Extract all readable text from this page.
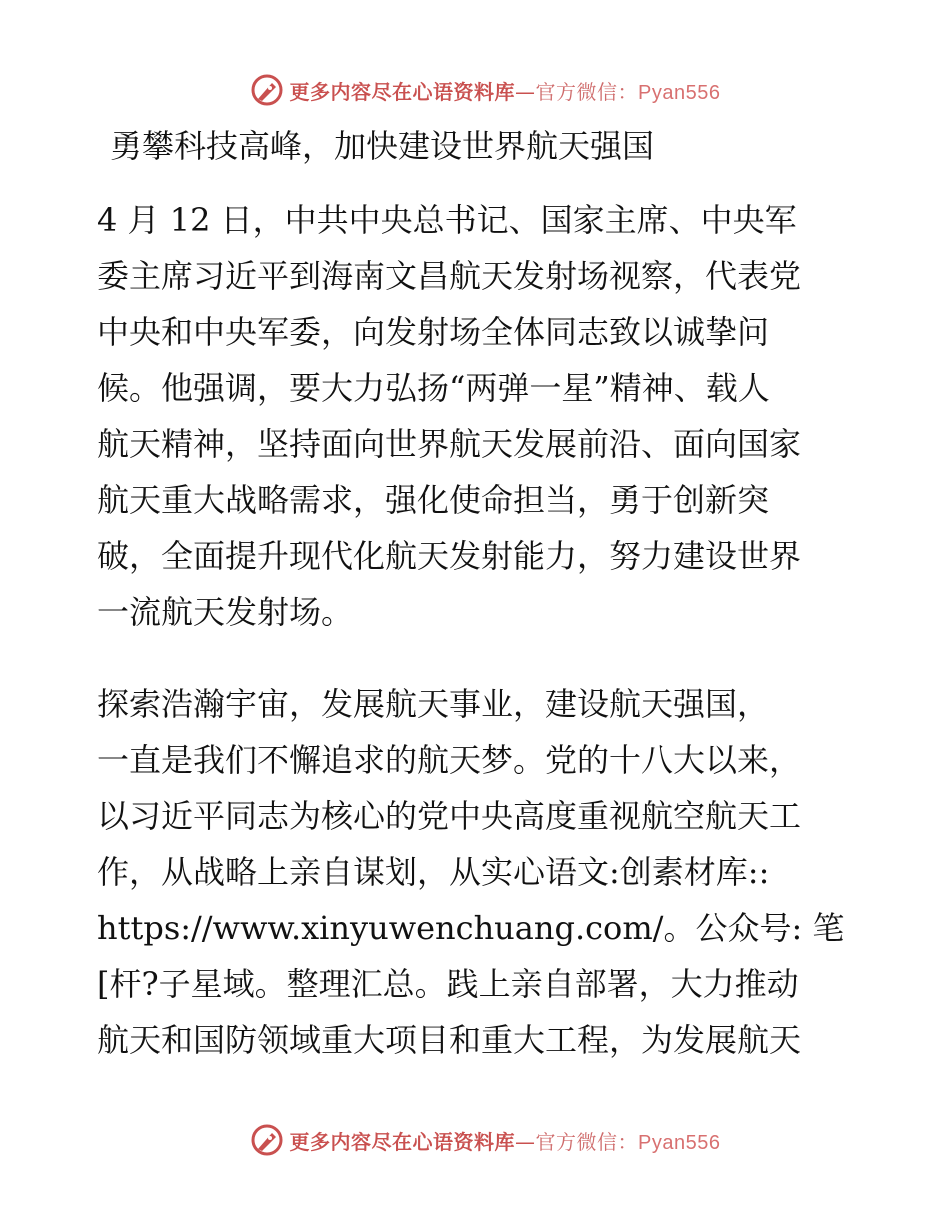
更多内容尽在心语资料库—官方微信：Pyan556
勇攀科技高峰，加快建设世界航天强国
4 月 12 日，中共中央总书记、国家主席、中央军
委主席习近平到海南文昌航天发射场视察，代表党
中央和中央军委，向发射场全体同志致以诚挚问
候。他强调，要大力弘扬“两弹一星”精神、载人
航天精神，坚持面向世界航天发展前沿、面向国家
航天重大战略需求，强化使命担当，勇于创新突
破，全面提升现代化航天发射能力，努力建设世界
一流航天发射场。
探索浩瀚宇宙，发展航天事业，建设航天强国，
一直是我们不懈追求的航天梦。党的十八大以来，
以习近平同志为核心的党中央高度重视航空航天工
作，从战略上亲自谋划，从实心语文:创素材库::
https://www.xinyuwenchuang.com/。公众号: 笔
[杆?子星域。整理汇总。践上亲自部署，大力推动
航天和国防领域重大项目和重大工程，为发展航天
更多内容尽在心语资料库—官方微信：Pyan556
